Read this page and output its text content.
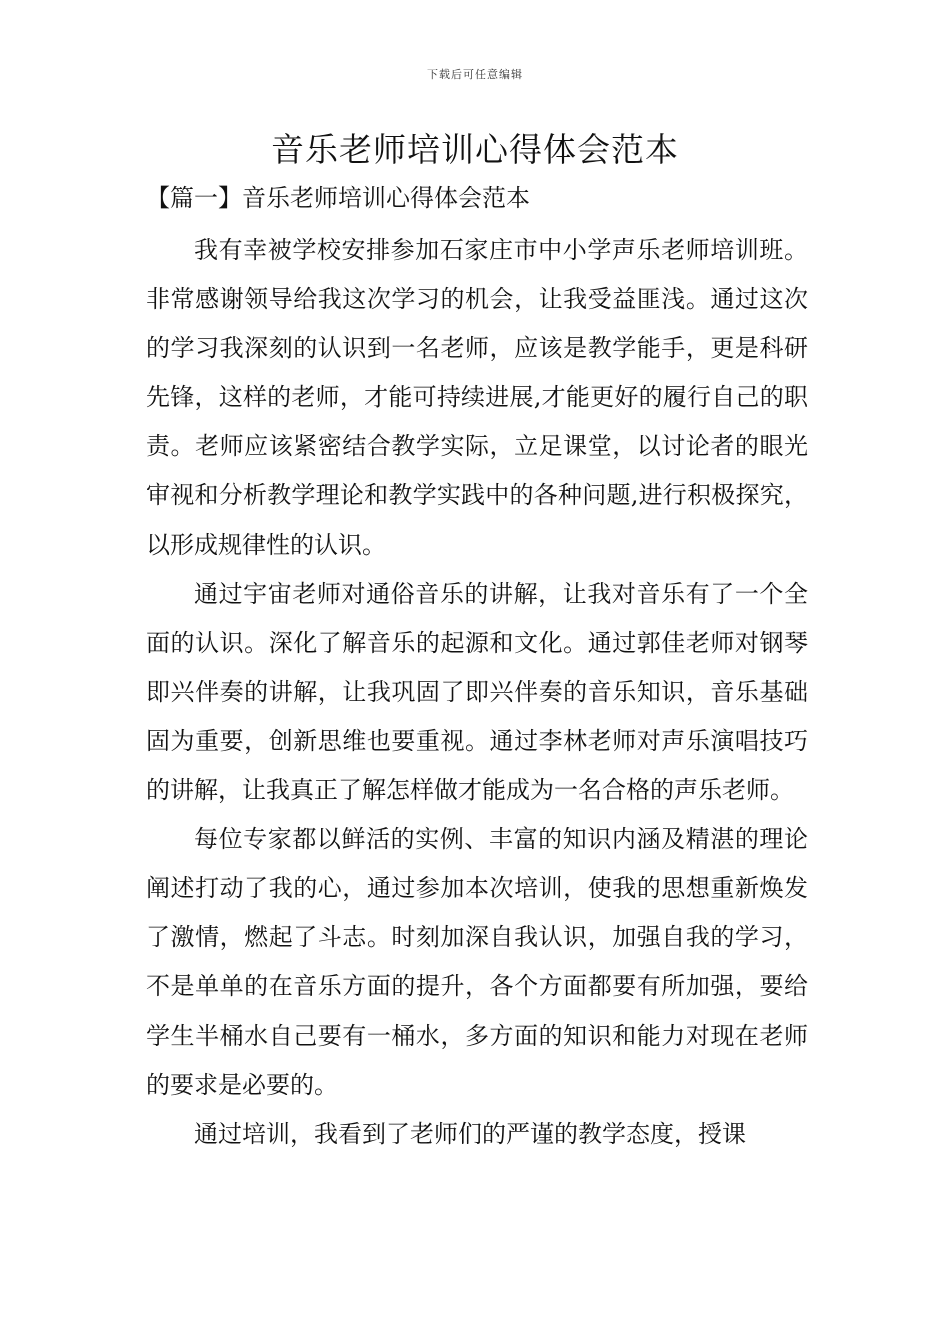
下载后可任意编辑
音乐老师培训心得体会范本
【篇一】音乐老师培训心得体会范本

我有幸被学校安排参加石家庄市中小学声乐老师培训班。非常感谢领导给我这次学习的机会，让我受益匪浅。通过这次的学习我深刻的认识到一名老师，应该是教学能手，更是科研先锋，这样的老师，才能可持续进展,才能更好的履行自己的职责。老师应该紧密结合教学实际，立足课堂，以讨论者的眼光审视和分析教学理论和教学实践中的各种问题,进行积极探究，以形成规律性的认识。

通过宇宙老师对通俗音乐的讲解，让我对音乐有了一个全面的认识。深化了解音乐的起源和文化。通过郭佳老师对钢琴即兴伴奏的讲解，让我巩固了即兴伴奏的音乐知识，音乐基础固为重要，创新思维也要重视。通过李林老师对声乐演唱技巧的讲解，让我真正了解怎样做才能成为一名合格的声乐老师。

每位专家都以鲜活的实例、丰富的知识内涵及精湛的理论阐述打动了我的心，通过参加本次培训，使我的思想重新焕发了激情，燃起了斗志。时刻加深自我认识，加强自我的学习，不是单单的在音乐方面的提升，各个方面都要有所加强，要给学生半桶水自己要有一桶水，多方面的知识和能力对现在老师的要求是必要的。

通过培训，我看到了老师们的严谨的教学态度，授课
